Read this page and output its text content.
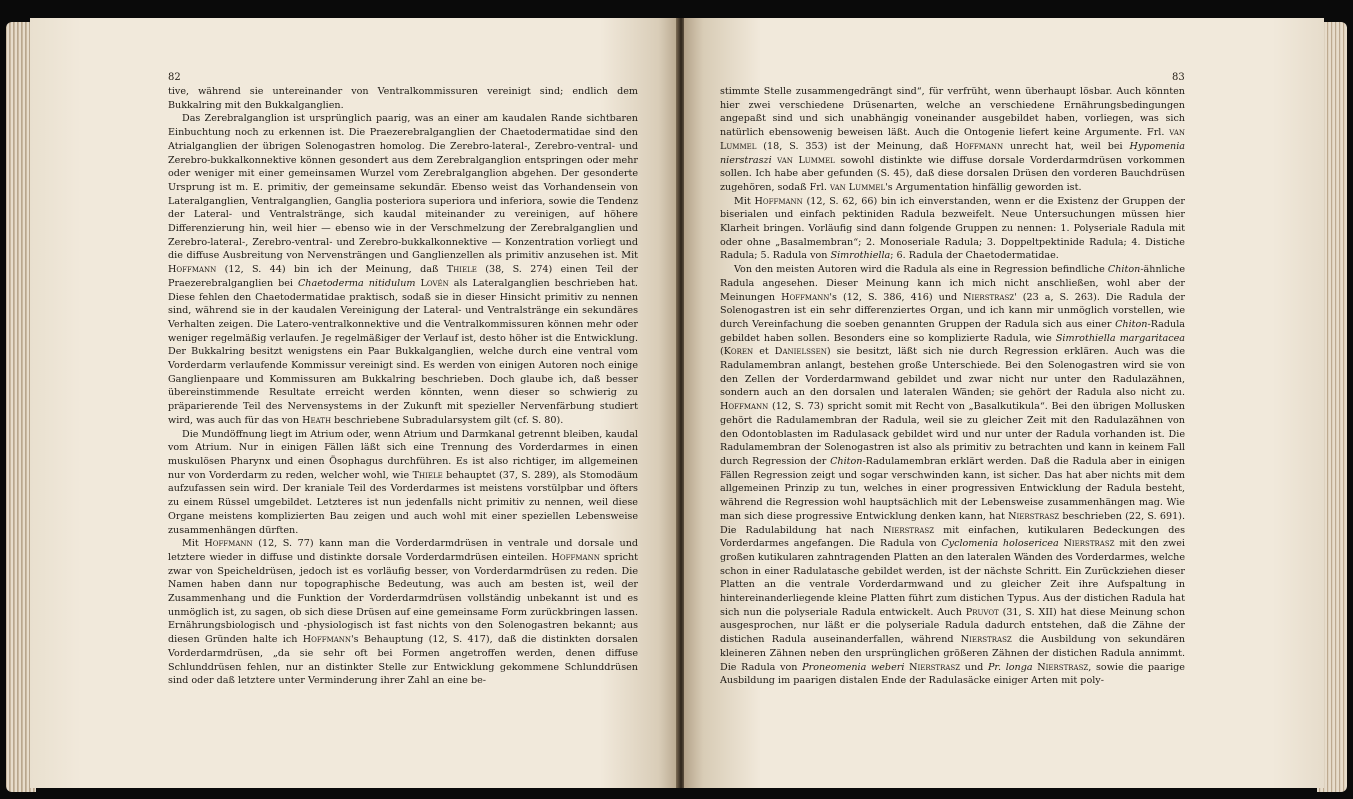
82

tive, während sie untereinander von Ventralkommissuren vereinigt sind; endlich dem Bukkalring mit den Bukkalganglien.

Das Zerebralganglion ist ursprünglich paarig, was an einer am kaudalen Rande sichtbaren Einbuchtung noch zu erkennen ist. Die Praezerebralganglien der Chaetodermatidae sind den Atrialganglien der übrigen Solenogastren homolog. Die Zerebro-lateral-, Zerebro-ventral- und Zerebro-bukkalkonnektive können gesondert aus dem Zerebralganglion entspringen oder mehr oder weniger mit einer gemeinsamen Wurzel vom Zerebralganglion abgehen. Der gesonderte Ursprung ist m. E. primitiv, der gemeinsame sekundär. Ebenso weist das Vorhandensein von Lateralganglien, Ventralganglien, Ganglia posteriora superiora und inferiora, sowie die Tendenz der Lateral- und Ventralstränge, sich kaudal miteinander zu vereinigen, auf höhere Differenzierung hin, weil hier — ebenso wie in der Verschmelzung der Zerebralganglien und Zerebro-lateral-, Zerebro-ventral- und Zerebro-bukkalkonnektive — Konzentration vorliegt und die diffuse Ausbreitung von Nervensträngen und Ganglienzellen als primitiv anzusehen ist. Mit Hoffmann (12, S. 44) bin ich der Meinung, daß Thiele (38, S. 274) einen Teil der Praezerebralganglien bei Chaetoderma nitidulum Lovén als Lateralganglien beschrieben hat. Diese fehlen den Chaetodermatidae praktisch, sodaß sie in dieser Hinsicht primitiv zu nennen sind, während sie in der kaudalen Vereinigung der Lateral- und Ventralstränge ein sekundäres Verhalten zeigen. Die Latero-ventralkonnektive und die Ventralkommissuren können mehr oder weniger regelmäßig verlaufen. Je regelmäßiger der Verlauf ist, desto höher ist die Entwicklung. Der Bukkalring besitzt wenigstens ein Paar Bukkalganglien, welche durch eine ventral vom Vorderdarm verlaufende Kommissur vereinigt sind. Es werden von einigen Autoren noch einige Ganglienpaare und Kommissuren am Bukkalring beschrieben. Doch glaube ich, daß besser übereinstimmende Resultate erreicht werden könnten, wenn dieser so schwierig zu präparierende Teil des Nervensystems in der Zukunft mit spezieller Nervenfärbung studiert wird, was auch für das von Heath beschriebene Subradularsystem gilt (cf. S. 80).

Die Mundöffnung liegt im Atrium oder, wenn Atrium und Darmkanal getrennt bleiben, kaudal vom Atrium. Nur in einigen Fällen läßt sich eine Trennung des Vorderdarmes in einen muskulösen Pharynx und einen Ösophagus durchführen. Es ist also richtiger, im allgemeinen nur von Vorderdarm zu reden, welcher wohl, wie Thiele behauptet (37, S. 289), als Stomodäum aufzufassen sein wird. Der kraniale Teil des Vorderdarmes ist meistens vorstülpbar und öfters zu einem Rüssel umgebildet. Letzteres ist nun jedenfalls nicht primitiv zu nennen, weil diese Organe meistens komplizierten Bau zeigen und auch wohl mit einer speziellen Lebensweise zusammenhängen dürften.

Mit Hoffmann (12, S. 77) kann man die Vorderdarmdrüsen in ventrale und dorsale und letztere wieder in diffuse und distinkte dorsale Vorderdarmdrüsen einteilen. Hoffmann spricht zwar von Speicheldrüsen, jedoch ist es vorläufig besser, von Vorderdarmdrüsen zu reden. Die Namen haben dann nur topographische Bedeutung, was auch am besten ist, weil der Zusammenhang und die Funktion der Vorderdarmdrüsen vollständig unbekannt ist und es unmöglich ist, zu sagen, ob sich diese Drüsen auf eine gemeinsame Form zurückbringen lassen. Ernährungsbiologisch und -physiologisch ist fast nichts von den Solenogastren bekannt; aus diesen Gründen halte ich Hoffmann's Behauptung (12, S. 417), daß die distinkten dorsalen Vorderdarmdrüsen, „da sie sehr oft bei Formen angetroffen werden, denen diffuse Schlunddrüsen fehlen, nur an distinkter Stelle zur Entwicklung gekommene Schlunddrüsen sind oder daß letztere unter Verminderung ihrer Zahl an eine be-

83

stimmte Stelle zusammengedrängt sind“, für verfrüht, wenn überhaupt lösbar. Auch könnten hier zwei verschiedene Drüsenarten, welche an verschiedene Ernährungsbedingungen angepaßt sind und sich unabhängig voneinander ausgebildet haben, vorliegen, was sich natürlich ebensowenig beweisen läßt. Auch die Ontogenie liefert keine Argumente. Frl. van Lummel (18, S. 353) ist der Meinung, daß Hoffmann unrecht hat, weil bei Hypomenia nierstraszi van Lummel sowohl distinkte wie diffuse dorsale Vorderdarmdrüsen vorkommen sollen. Ich habe aber gefunden (S. 45), daß diese dorsalen Drüsen den vorderen Bauchdrüsen zugehören, sodaß Frl. van Lummel's Argumentation hinfällig geworden ist.

Mit Hoffmann (12, S. 62, 66) bin ich einverstanden, wenn er die Existenz der Gruppen der biserialen und einfach pektiniden Radula bezweifelt. Neue Untersuchungen müssen hier Klarheit bringen. Vorläufig sind dann folgende Gruppen zu nennen: 1. Polyseriale Radula mit oder ohne „Basalmembran“; 2. Monoseriale Radula; 3. Doppeltpektinide Radula; 4. Distiche Radula; 5. Radula von Simrothiella; 6. Radula der Chaetodermatidae.

Von den meisten Autoren wird die Radula als eine in Regression befindliche Chiton-ähnliche Radula angesehen. Dieser Meinung kann ich mich nicht anschließen, wohl aber der Meinungen Hoffmann's (12, S. 386, 416) und Nierstrasz' (23 a, S. 263). Die Radula der Solenogastren ist ein sehr differenziertes Organ, und ich kann mir unmöglich vorstellen, wie durch Vereinfachung die soeben genannten Gruppen der Radula sich aus einer Chiton-Radula gebildet haben sollen. Besonders eine so komplizierte Radula, wie Simrothiella margaritacea (Koren et Danielssen) sie besitzt, läßt sich nie durch Regression erklären. Auch was die Radulamembran anlangt, bestehen große Unterschiede. Bei den Solenogastren wird sie von den Zellen der Vorderdarmwand gebildet und zwar nicht nur unter den Radulazähnen, sondern auch an den dorsalen und lateralen Wänden; sie gehört der Radula also nicht zu. Hoffmann (12, S. 73) spricht somit mit Recht von „Basalkutikula“. Bei den übrigen Mollusken gehört die Radulamembran der Radula, weil sie zu gleicher Zeit mit den Radulazähnen von den Odontoblasten im Radulasack gebildet wird und nur unter der Radula vorhanden ist. Die Radulamembran der Solenogastren ist also als primitiv zu betrachten und kann in keinem Fall durch Regression der Chiton-Radulamembran erklärt werden. Daß die Radula aber in einigen Fällen Regression zeigt und sogar verschwinden kann, ist sicher. Das hat aber nichts mit dem allgemeinen Prinzip zu tun, welches in einer progressiven Entwicklung der Radula besteht, während die Regression wohl hauptsächlich mit der Lebensweise zusammenhängen mag. Wie man sich diese progressive Entwicklung denken kann, hat Nierstrasz beschrieben (22, S. 691). Die Radulabildung hat nach Nierstrasz mit einfachen, kutikularen Bedeckungen des Vorderdarmes angefangen. Die Radula von Cyclomenia holosericea Nierstrasz mit den zwei großen kutikularen zahntragenden Platten an den lateralen Wänden des Vorderdarmes, welche schon in einer Radulatasche gebildet werden, ist der nächste Schritt. Ein Zurückziehen dieser Platten an die ventrale Vorderdarmwand und zu gleicher Zeit ihre Aufspaltung in hintereinanderliegende kleine Platten führt zum distichen Typus. Aus der distichen Radula hat sich nun die polyseriale Radula entwickelt. Auch Pruvot (31, S. XII) hat diese Meinung schon ausgesprochen, nur läßt er die polyseriale Radula dadurch entstehen, daß die Zähne der distichen Radula auseinanderfallen, während Nierstrasz die Ausbildung von sekundären kleineren Zähnen neben den ursprünglichen größeren Zähnen der distichen Radula annimmt. Die Radula von Proneomenia weberi Nierstrasz und Pr. longa Nierstrasz, sowie die paarige Ausbildung im paarigen distalen Ende der Radulasäcke einiger Arten mit poly-
